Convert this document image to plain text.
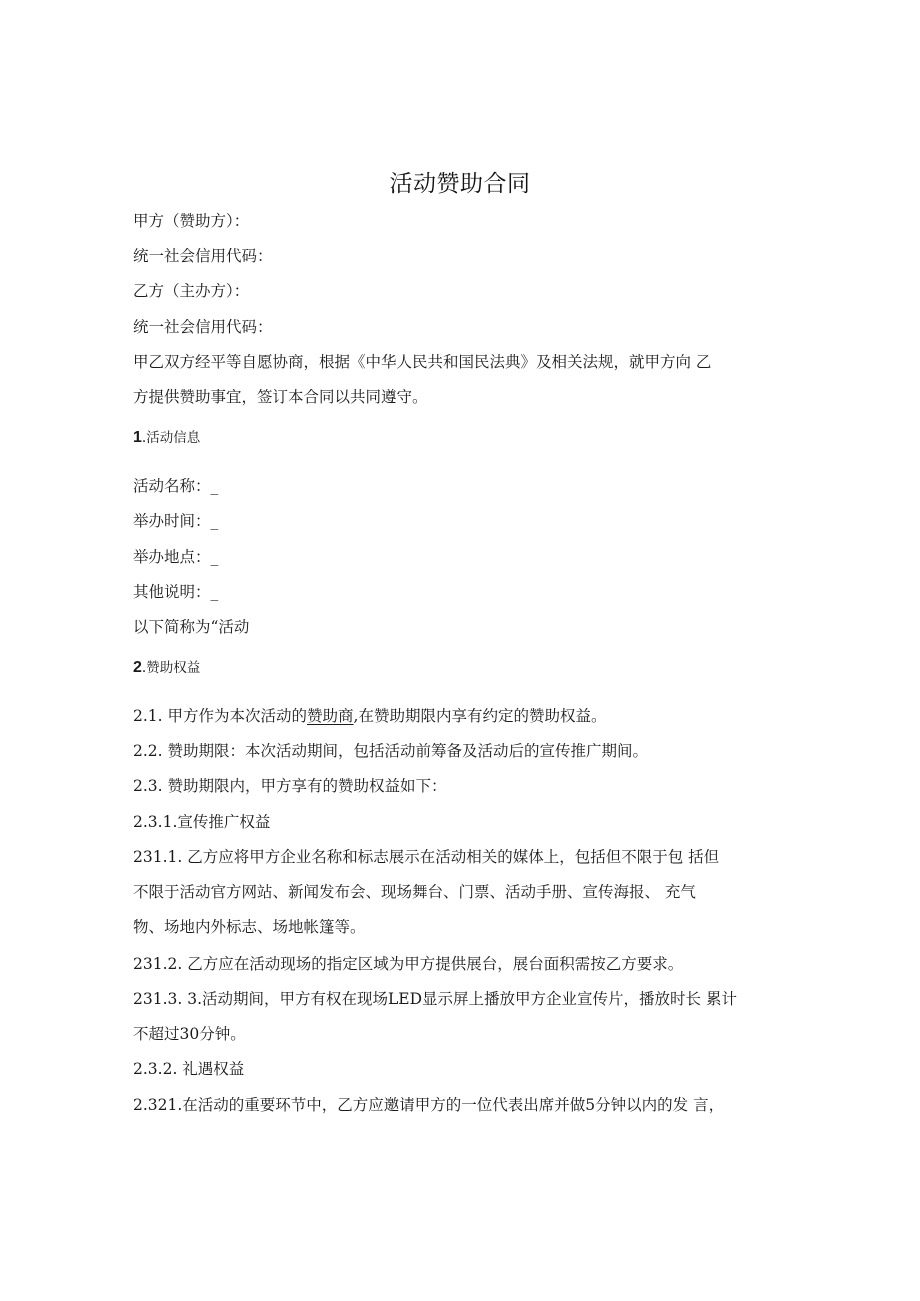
活动赞助合同
甲方（赞助方）：
统一社会信用代码：
乙方（主办方）：
统一社会信用代码：
甲乙双方经平等自愿协商，根据《中华人民共和国民法典》及相关法规，就甲方向 乙
方提供赞助事宜，签订本合同以共同遵守。
1.活动信息
活动名称：_
举办时间：_
举办地点：_
其他说明：_
以下简称为“活动
2.赞助权益
2.1. 甲方作为本次活动的赞助商,在赞助期限内享有约定的赞助权益。
2.2. 赞助期限：本次活动期间，包括活动前筹备及活动后的宣传推广期间。
2.3. 赞助期限内，甲方享有的赞助权益如下：
2.3.1.宣传推广权益
231.1. 乙方应将甲方企业名称和标志展示在活动相关的媒体上，包括但不限于包 括但
不限于活动官方网站、新闻发布会、现场舞台、门票、活动手册、宣传海报、 充气
物、场地内外标志、场地帐篷等。
231.2. 乙方应在活动现场的指定区域为甲方提供展台，展台面积需按乙方要求。
231.3. 3.活动期间，甲方有权在现场LED显示屏上播放甲方企业宣传片，播放时长 累计
不超过30分钟。
2.3.2. 礼遇权益
2.321.在活动的重要环节中，乙方应邀请甲方的一位代表出席并做5分钟以内的发 言，
